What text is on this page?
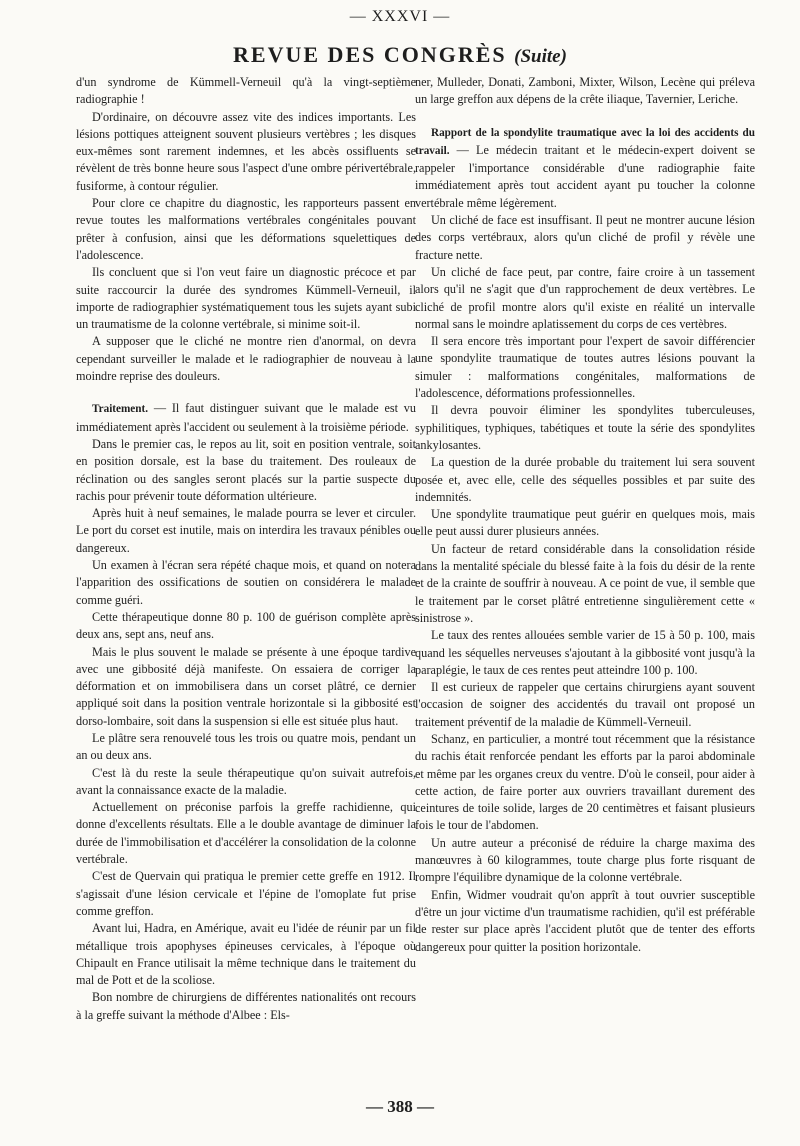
— XXXVI —
REVUE DES CONGRÈS (Suite)

d'un syndrome de Kümmell-Verneuil qu'à la vingt-septième radiographie !

D'ordinaire, on découvre assez vite des indices importants. Les lésions pottiques atteignent souvent plusieurs vertèbres ; les disques eux-mêmes sont rarement indemnes, et les abcès ossifluents se révèlent de très bonne heure sous l'aspect d'une ombre périvertébrale, fusiforme, à contour régulier.

Pour clore ce chapitre du diagnostic, les rapporteurs passent en revue toutes les malformations vertébrales congénitales pouvant prêter à confusion, ainsi que les déformations squelettiques de l'adolescence.

Ils concluent que si l'on veut faire un diagnostic précoce et par suite raccourcir la durée des syndromes Kümmell-Verneuil, il importe de radiographier systématiquement tous les sujets ayant subi un traumatisme de la colonne vertébrale, si minime soit-il.

A supposer que le cliché ne montre rien d'anormal, on devra cependant surveiller le malade et le radiographier de nouveau à la moindre reprise des douleurs.

Traitement. — Il faut distinguer suivant que le malade est vu immédiatement après l'accident ou seulement à la troisième période.

Dans le premier cas, le repos au lit, soit en position ventrale, soit en position dorsale, est la base du traitement. Des rouleaux de réclination ou des sangles seront placés sur la partie suspecte du rachis pour prévenir toute déformation ultérieure.

Après huit à neuf semaines, le malade pourra se lever et circuler. Le port du corset est inutile, mais on interdira les travaux pénibles ou dangereux.

Un examen à l'écran sera répété chaque mois, et quand on notera l'apparition des ossifications de soutien on considérera le malade comme guéri.

Cette thérapeutique donne 80 p. 100 de guérison complète après deux ans, sept ans, neuf ans.

Mais le plus souvent le malade se présente à une époque tardive avec une gibbosité déjà manifeste. On essaiera de corriger la déformation et on immobilisera dans un corset plâtré, ce dernier appliqué soit dans la position ventrale horizontale si la gibbosité est dorso-lombaire, soit dans la suspension si elle est située plus haut.

Le plâtre sera renouvelé tous les trois ou quatre mois, pendant un an ou deux ans.

C'est là du reste la seule thérapeutique qu'on suivait autrefois, avant la connaissance exacte de la maladie.

Actuellement on préconise parfois la greffe rachidienne, qui donne d'excellents résultats. Elle a le double avantage de diminuer la durée de l'immobilisation et d'accélérer la consolidation de la colonne vertébrale.

C'est de Quervain qui pratiqua le premier cette greffe en 1912. Il s'agissait d'une lésion cervicale et l'épine de l'omoplate fut prise comme greffon.

Avant lui, Hadra, en Amérique, avait eu l'idée de réunir par un fil métallique trois apophyses épineuses cervicales, à l'époque où Chipault en France utilisait la même technique dans le traitement du mal de Pott et de la scoliose.

Bon nombre de chirurgiens de différentes nationalités ont recours à la greffe suivant la méthode d'Albee : Els-

ner, Mulleder, Donati, Zamboni, Mixter, Wilson, Lecène qui préleva un large greffon aux dépens de la crête iliaque, Tavernier, Leriche.

Rapport de la spondylite traumatique avec la loi des accidents du travail. — Le médecin traitant et le médecin-expert doivent se rappeler l'importance considérable d'une radiographie faite immédiatement après tout accident ayant pu toucher la colonne vertébrale même légèrement.

Un cliché de face est insuffisant. Il peut ne montrer aucune lésion des corps vertébraux, alors qu'un cliché de profil y révèle une fracture nette.

Un cliché de face peut, par contre, faire croire à un tassement alors qu'il ne s'agit que d'un rapprochement de deux vertèbres. Le cliché de profil montre alors qu'il existe en réalité un intervalle normal sans le moindre aplatissement du corps de ces vertèbres.

Il sera encore très important pour l'expert de savoir différencier une spondylite traumatique de toutes autres lésions pouvant la simuler : malformations congénitales, malformations de l'adolescence, déformations professionnelles.

Il devra pouvoir éliminer les spondylites tuberculeuses, syphilitiques, typhiques, tabétiques et toute la série des spondylites ankylosantes.

La question de la durée probable du traitement lui sera souvent posée et, avec elle, celle des séquelles possibles et par suite des indemnités.

Une spondylite traumatique peut guérir en quelques mois, mais elle peut aussi durer plusieurs années.

Un facteur de retard considérable dans la consolidation réside dans la mentalité spéciale du blessé faite à la fois du désir de la rente et de la crainte de souffrir à nouveau. A ce point de vue, il semble que le traitement par le corset plâtré entretienne singulièrement cette « sinistrose ».

Le taux des rentes allouées semble varier de 15 à 50 p. 100, mais quand les séquelles nerveuses s'ajoutant à la gibbosité vont jusqu'à la paraplégie, le taux de ces rentes peut atteindre 100 p. 100.

Il est curieux de rappeler que certains chirurgiens ayant souvent l'occasion de soigner des accidentés du travail ont proposé un traitement préventif de la maladie de Kümmell-Verneuil.

Schanz, en particulier, a montré tout récemment que la résistance du rachis était renforcée pendant les efforts par la paroi abdominale et même par les organes creux du ventre. D'où le conseil, pour aider à cette action, de faire porter aux ouvriers travaillant durement des ceintures de toile solide, larges de 20 centimètres et faisant plusieurs fois le tour de l'abdomen.

Un autre auteur a préconisé de réduire la charge maxima des manœuvres à 60 kilogrammes, toute charge plus forte risquant de rompre l'équilibre dynamique de la colonne vertébrale.

Enfin, Widmer voudrait qu'on apprît à tout ouvrier susceptible d'être un jour victime d'un traumatisme rachidien, qu'il est préférable de rester sur place après l'accident plutôt que de tenter des efforts dangereux pour quitter la position horizontale.

— 388 —
